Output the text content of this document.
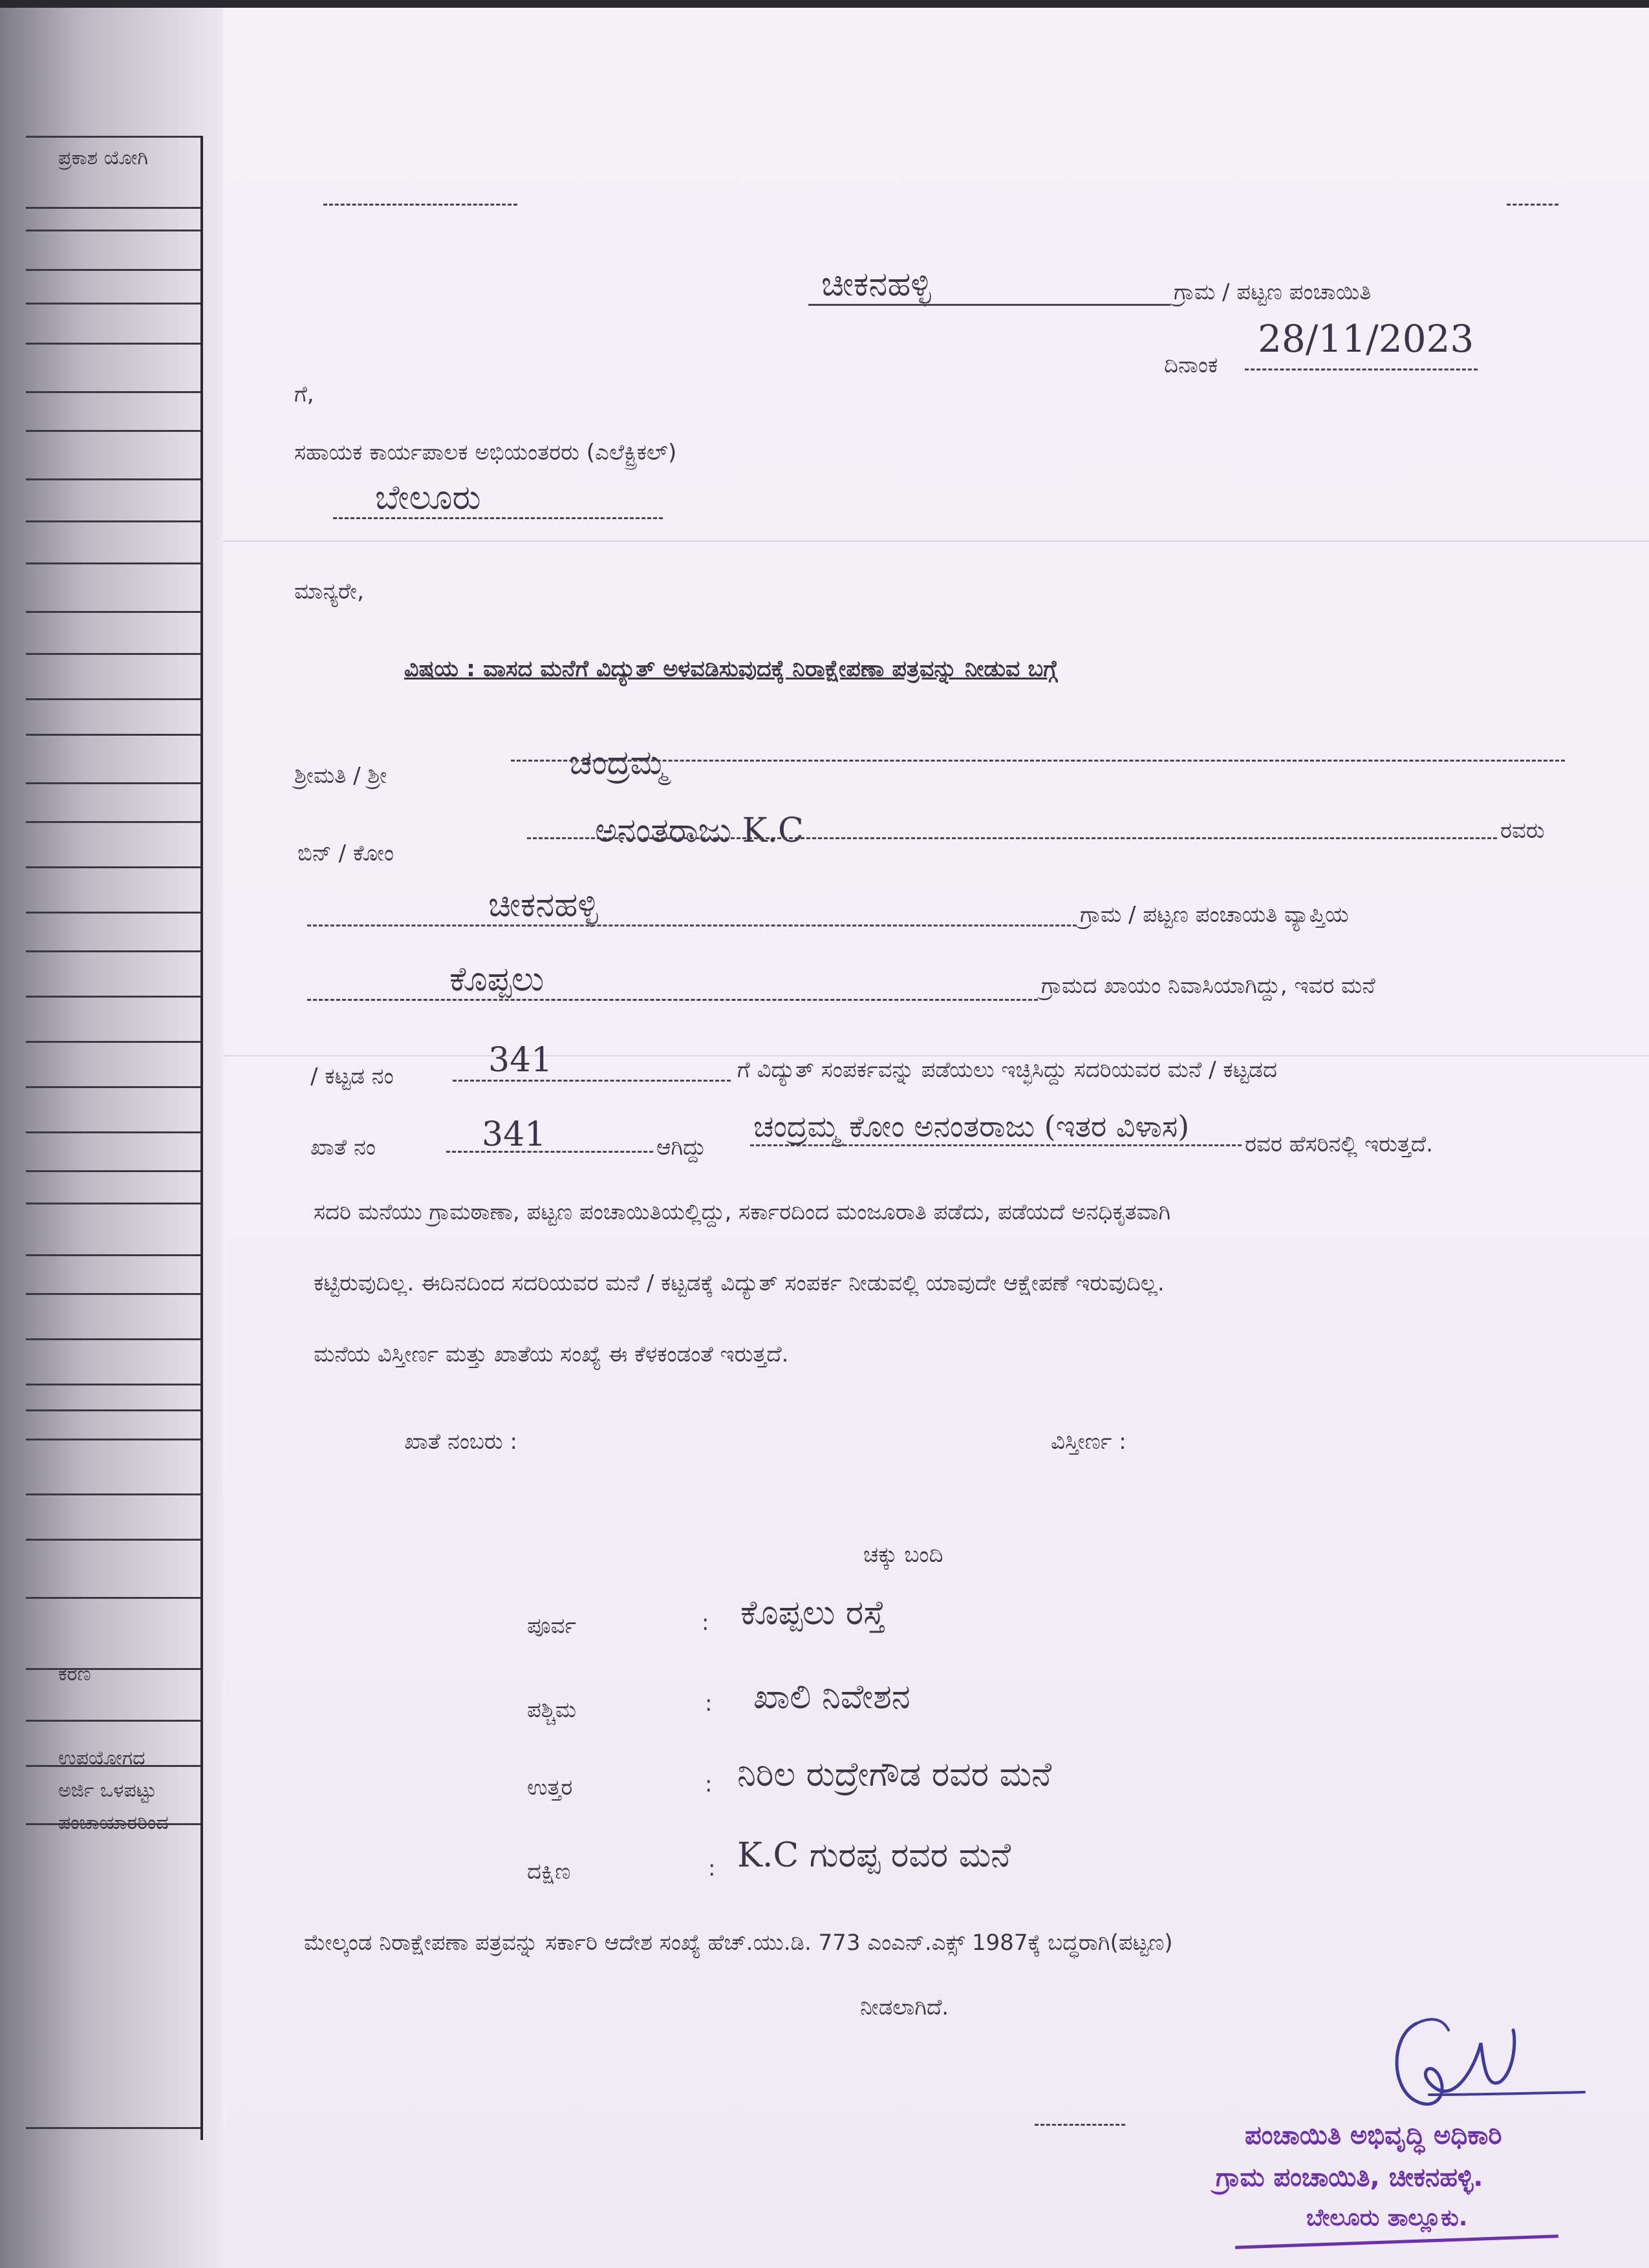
ಪ್ರಕಾಶ ಯೋಗಿ
ಕರಣ
ಉಪಯೋಗದ
ಅರ್ಜಿ ಒಳಪಟ್ಟು
ಪಂಚಾಯಾರರಿಂದ
ಚೀಕನಹಳ್ಳಿ	ಗ್ರಾಮ / ಪಟ್ಟಣ ಪಂಚಾಯಿತಿ
ದಿನಾಂಕ
28/11/2023
ಗೆ,
ಸಹಾಯಕ ಕಾರ್ಯಪಾಲಕ ಅಭಿಯಂತರರು (ಎಲೆಕ್ಟ್ರಿಕಲ್)
ಬೇಲೂರು
ಮಾನ್ಯರೇ,
ವಿಷಯ : ವಾಸದ ಮನೆಗೆ ವಿದ್ಯುತ್ ಅಳವಡಿಸುವುದಕ್ಕೆ ನಿರಾಕ್ಷೇಪಣಾ ಪತ್ರವನ್ನು ನೀಡುವ ಬಗ್ಗೆ
ಶ್ರೀಮತಿ / ಶ್ರೀ	ಚಂದ್ರಮ್ಮ
ಬಿನ್ / ಕೋಂ
ಅನಂತರಾಜು K.C	ರವರು
ಚೀಕನಹಳ್ಳಿ	ಗ್ರಾಮ / ಪಟ್ಟಣ ಪಂಚಾಯತಿ ವ್ಯಾಪ್ತಿಯ
ಕೊಪ್ಪಲು	ಗ್ರಾಮದ ಖಾಯಂ ನಿವಾಸಿಯಾಗಿದ್ದು, ಇವರ ಮನೆ
/ ಕಟ್ಟಡ ನಂ	341	ಗೆ ವಿದ್ಯುತ್ ಸಂಪರ್ಕವನ್ನು ಪಡೆಯಲು ಇಚ್ಛಿಸಿದ್ದು ಸದರಿಯವರ ಮನೆ / ಕಟ್ಟಡದ
ಖಾತೆ ನಂ	341	ಆಗಿದ್ದು
ಚಂದ್ರಮ್ಮ ಕೋಂ ಅನಂತರಾಜು (ಇತರ ವಿಳಾಸ)
ರವರ ಹೆಸರಿನಲ್ಲಿ ಇರುತ್ತದೆ.
ಸದರಿ ಮನೆಯು ಗ್ರಾಮಠಾಣಾ, ಪಟ್ಟಣ ಪಂಚಾಯಿತಿಯಲ್ಲಿದ್ದು, ಸರ್ಕಾರದಿಂದ ಮಂಜೂರಾತಿ ಪಡೆದು, ಪಡೆಯದೆ ಅನಧಿಕೃತವಾಗಿ
ಕಟ್ಟಿರುವುದಿಲ್ಲ. ಈದಿನದಿಂದ ಸದರಿಯವರ ಮನೆ / ಕಟ್ಟಡಕ್ಕೆ ವಿದ್ಯುತ್ ಸಂಪರ್ಕ ನೀಡುವಲ್ಲಿ ಯಾವುದೇ ಆಕ್ಷೇಪಣೆ ಇರುವುದಿಲ್ಲ.
ಮನೆಯ ವಿಸ್ತೀರ್ಣ ಮತ್ತು ಖಾತೆಯ ಸಂಖ್ಯೆ ಈ ಕೆಳಕಂಡಂತೆ ಇರುತ್ತದೆ.
ಖಾತೆ ನಂಬರು :	ವಿಸ್ತೀರ್ಣ :
ಚಕ್ಕು ಬಂದಿ
ಪೂರ್ವ	: ಕೊಪ್ಪಲು ರಸ್ತೆ
ಪಶ್ಚಿಮ	: ಖಾಲಿ ನಿವೇಶನ
ಉತ್ತರ	: ನಿರಿಲ ರುದ್ರೇಗೌಡ ರವರ ಮನೆ
ದಕ್ಷಿಣ	: K.C ಗುರಪ್ಪ ರವರ ಮನೆ
ಮೇಲ್ಕಂಡ ನಿರಾಕ್ಷೇಪಣಾ ಪತ್ರವನ್ನು ಸರ್ಕಾರಿ ಆದೇಶ ಸಂಖ್ಯೆ ಹೆಚ್.ಯು.ಡಿ. 773 ಎಂಎನ್.ಎಕ್ಸ್ 1987ಕ್ಕೆ ಬದ್ಧರಾಗಿ(ಪಟ್ಟಣ)
ನೀಡಲಾಗಿದೆ.
ಪಂಚಾಯಿತಿ ಅಭಿವೃದ್ಧಿ ಅಧಿಕಾರಿ
ಗ್ರಾಮ ಪಂಚಾಯಿತಿ, ಚೀಕನಹಳ್ಳಿ.
ಬೇಲೂರು ತಾಲ್ಲೂಕು.
